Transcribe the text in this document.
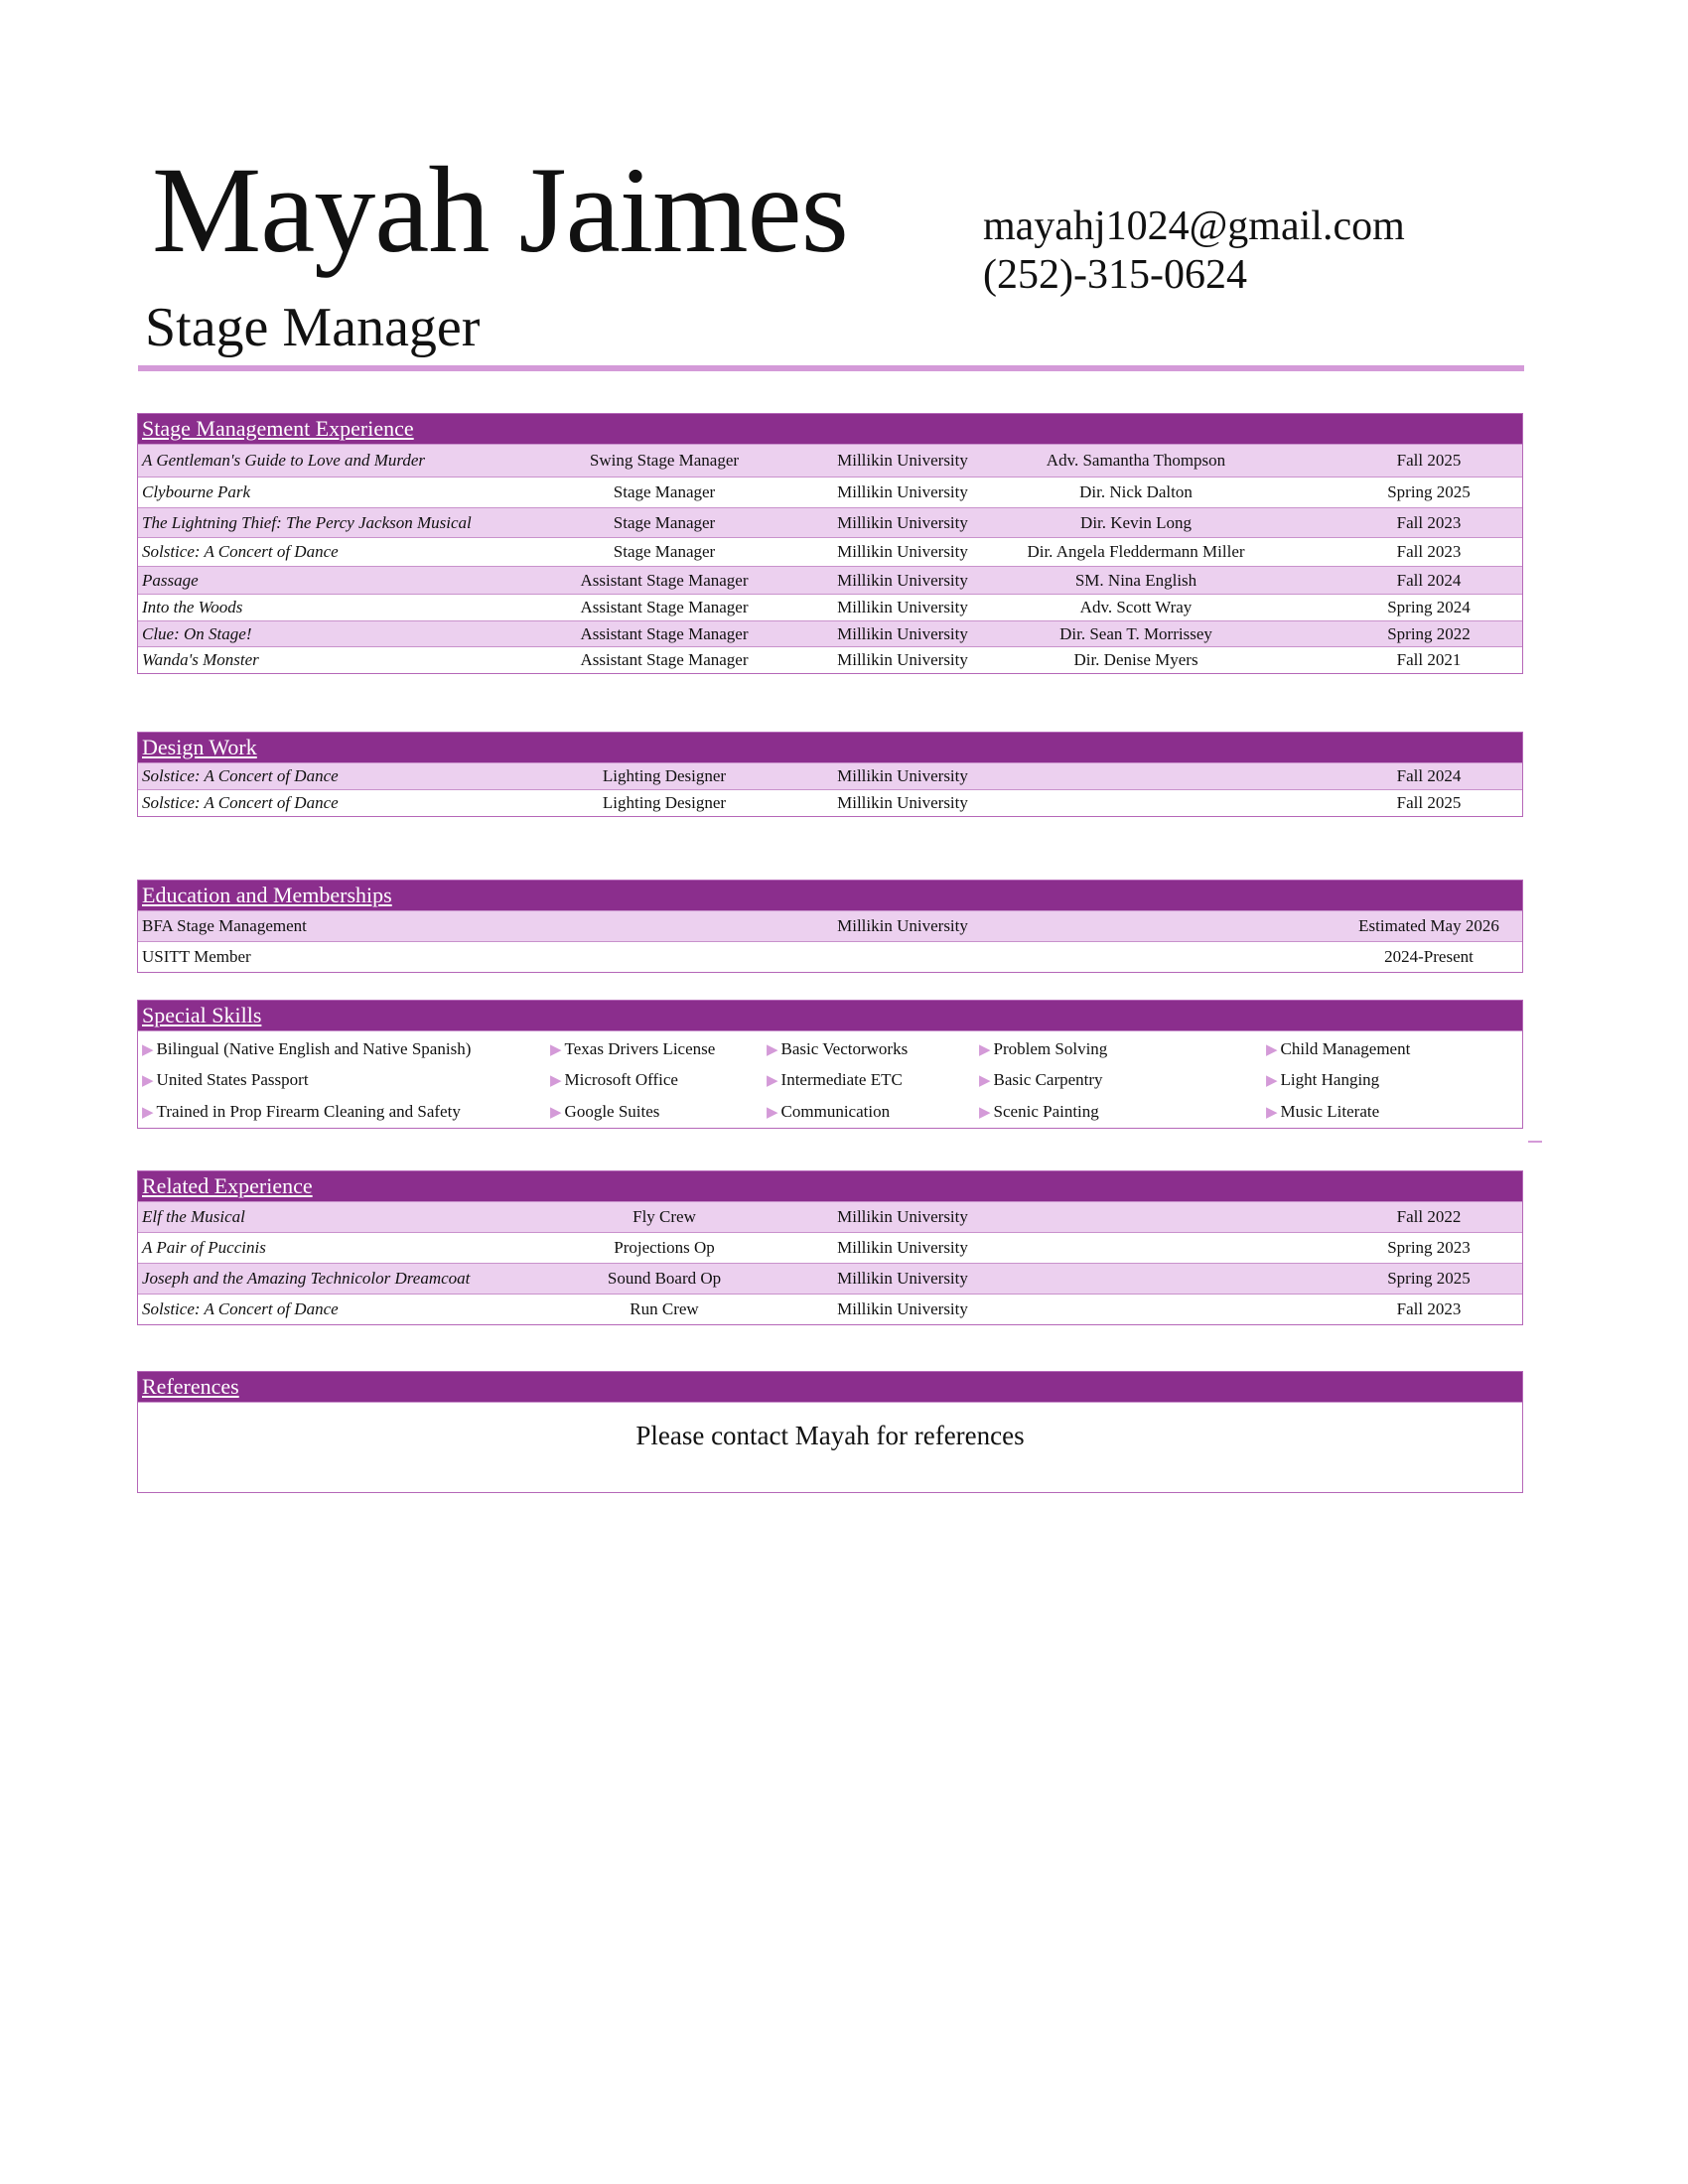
Mayah Jaimes
Stage Manager
mayahj1024@gmail.com
(252)-315-0624
Stage Management Experience
A Gentleman's Guide to Love and Murder	Swing Stage Manager	Millikin University	Adv. Samantha Thompson	Fall 2025
Clybourne Park	Stage Manager	Millikin University	Dir. Nick Dalton	Spring 2025
The Lightning Thief: The Percy Jackson Musical	Stage Manager	Millikin University	Dir. Kevin Long	Fall 2023
Solstice: A Concert of Dance	Stage Manager	Millikin University	Dir. Angela Fleddermann Miller	Fall 2023
Passage	Assistant Stage Manager	Millikin University	SM. Nina English	Fall 2024
Into the Woods	Assistant Stage Manager	Millikin University	Adv. Scott Wray	Spring 2024
Clue: On Stage!	Assistant Stage Manager	Millikin University	Dir. Sean T. Morrissey	Spring 2022
Wanda's Monster	Assistant Stage Manager	Millikin University	Dir. Denise Myers	Fall 2021
Design Work
Solstice: A Concert of Dance	Lighting Designer	Millikin University	Fall 2024
Solstice: A Concert of Dance	Lighting Designer	Millikin University	Fall 2025
Education and Memberships
BFA Stage Management	Millikin University	Estimated May 2026
USITT Member	2024-Present
Special Skills
▶ Bilingual (Native English and Native Spanish)
▶ United States Passport
▶ Trained in Prop Firearm Cleaning and Safety
▶ Texas Drivers License
▶ Microsoft Office
▶ Google Suites
▶ Basic Vectorworks
▶ Intermediate ETC
▶ Communication
▶ Problem Solving
▶ Basic Carpentry
▶ Scenic Painting
▶ Child Management
▶ Light Hanging
▶ Music Literate
Related Experience
Elf the Musical	Fly Crew	Millikin University	Fall 2022
A Pair of Puccinis	Projections Op	Millikin University	Spring 2023
Joseph and the Amazing Technicolor Dreamcoat	Sound Board Op	Millikin University	Spring 2025
Solstice: A Concert of Dance	Run Crew	Millikin University	Fall 2023
References
Please contact Mayah for references
